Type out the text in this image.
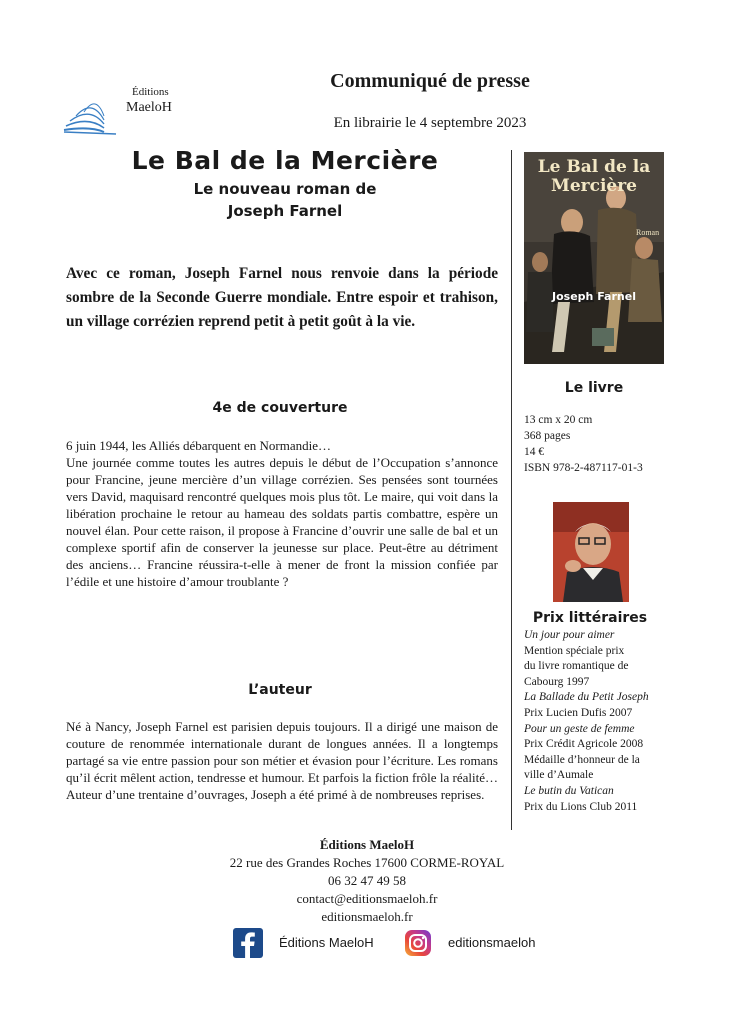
Éditions
MaeloH
Communiqué de presse
En librairie le 4 septembre 2023
Le Bal de la Mercière
Le nouveau roman de
Joseph Farnel
Avec ce roman, Joseph Farnel nous renvoie dans la période sombre de la Seconde Guerre mondiale. Entre espoir et trahison, un village corrézien reprend petit à petit goût à la vie.
4e de couverture
6 juin 1944, les Alliés débarquent en Normandie…
Une journée comme toutes les autres depuis le début de l’Occupation s’annonce pour Francine, jeune mercière d’un village corrézien. Ses pensées sont tournées vers David, maquisard rencontré quelques mois plus tôt. Le maire, qui voit dans la libération prochaine le retour au hameau des soldats partis combattre, espère un nouvel élan. Pour cette raison, il propose à Francine d’ouvrir une salle de bal et un complexe sportif afin de conserver la jeunesse sur place. Peut-être au détriment des anciens… Francine réussira-t-elle à mener de front la mission confiée par l’édile et une histoire d’amour troublante ?
L’auteur
Né à Nancy, Joseph Farnel est parisien depuis toujours. Il a dirigé une maison de couture de renommée internationale durant de longues années. Il a longtemps partagé sa vie entre passion pour son métier et évasion pour l’écriture. Les romans qu’il écrit mêlent action, tendresse et humour. Et parfois la fiction frôle la réalité… Auteur d’une trentaine d’ouvrages, Joseph a été primé à de nombreuses reprises.
Le Bal de la
Mercière
Roman
Joseph Farnel
Le livre
13 cm x 20 cm
368 pages
14 €
ISBN 978-2-487117-01-3
Prix littéraires
Un jour pour aimer
Mention spéciale prix
du livre romantique de
Cabourg 1997
La Ballade du Petit Joseph
Prix Lucien Dufis 2007
Pour un geste de femme
Prix Crédit Agricole 2008
Médaille d’honneur de la
ville d’Aumale
Le butin du Vatican
Prix du Lions Club 2011
Éditions MaeloH
22 rue des Grandes Roches 17600 CORME-ROYAL
06 32 47 49 58
contact@editionsmaeloh.fr
editionsmaeloh.fr
Éditions MaeloH	editionsmaeloh
